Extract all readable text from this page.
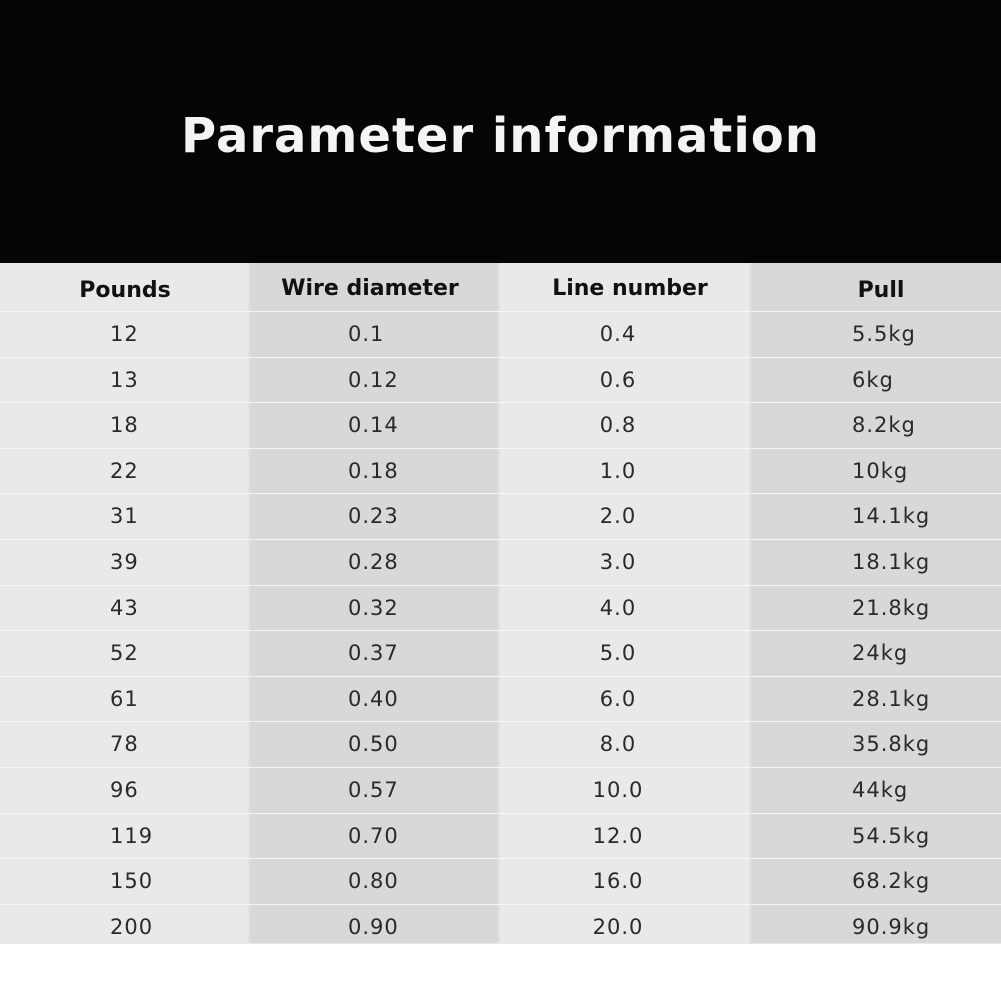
Parameter information
Pounds	Wire diameter	Line number	Pull
12	0.1	0.4	5.5kg
13	0.12	0.6	6kg
18	0.14	0.8	8.2kg
22	0.18	1.0	10kg
31	0.23	2.0	14.1kg
39	0.28	3.0	18.1kg
43	0.32	4.0	21.8kg
52	0.37	5.0	24kg
61	0.40	6.0	28.1kg
78	0.50	8.0	35.8kg
96	0.57	10.0	44kg
119	0.70	12.0	54.5kg
150	0.80	16.0	68.2kg
200	0.90	20.0	90.9kg
